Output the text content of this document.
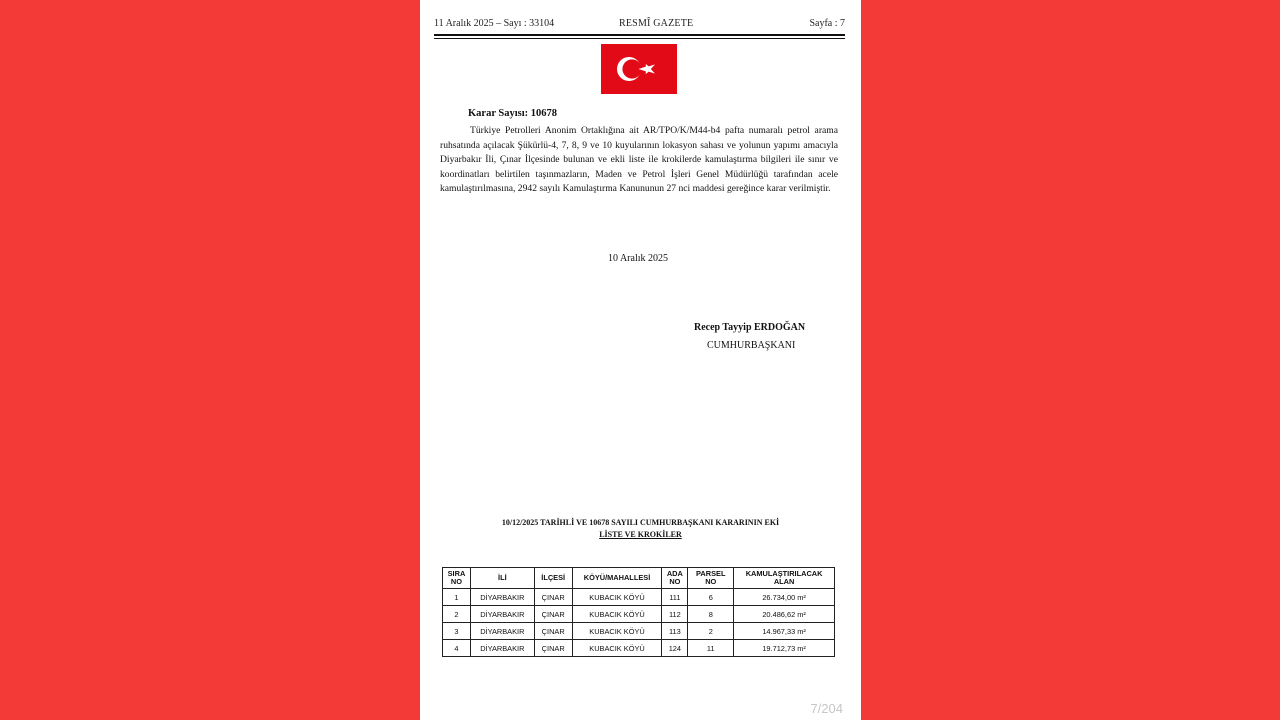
11 Aralık 2025 – Sayı : 33104	RESMÎ GAZETE	Sayfa : 7
Karar Sayısı: 10678
Türkiye Petrolleri Anonim Ortaklığına ait AR/TPO/K/M44-b4 pafta numaralı petrol arama ruhsatında açılacak Şükürlü-4, 7, 8, 9 ve 10 kuyularının lokasyon sahası ve yolunun yapımı amacıyla Diyarbakır İli, Çınar İlçesinde bulunan ve ekli liste ile krokilerde kamulaştırma bilgileri ile sınır ve koordinatları belirtilen taşınmazların, Maden ve Petrol İşleri Genel Müdürlüğü tarafından acele kamulaştırılmasına, 2942 sayılı Kamulaştırma Kanununun 27 nci maddesi gereğince karar verilmiştir.
10 Aralık 2025
Recep Tayyip ERDOĞAN
CUMHURBAŞKANI
10/12/2025 TARİHLİ VE 10678 SAYILI CUMHURBAŞKANI KARARININ EKİ
LİSTE VE KROKİLER
SIRA NO	İLİ	İLÇESİ	KÖYÜ/MAHALLESİ	ADA NO	PARSEL NO	KAMULAŞTIRILACAK ALAN
1	DİYARBAKIR	ÇINAR	KUBACIK KÖYÜ	111	6	26.734,00 m²
2	DİYARBAKIR	ÇINAR	KUBACIK KÖYÜ	112	8	20.486,62 m²
3	DİYARBAKIR	ÇINAR	KUBACIK KÖYÜ	113	2	14.967,33 m²
4	DİYARBAKIR	ÇINAR	KUBACIK KÖYÜ	124	11	19.712,73 m²
7/204
